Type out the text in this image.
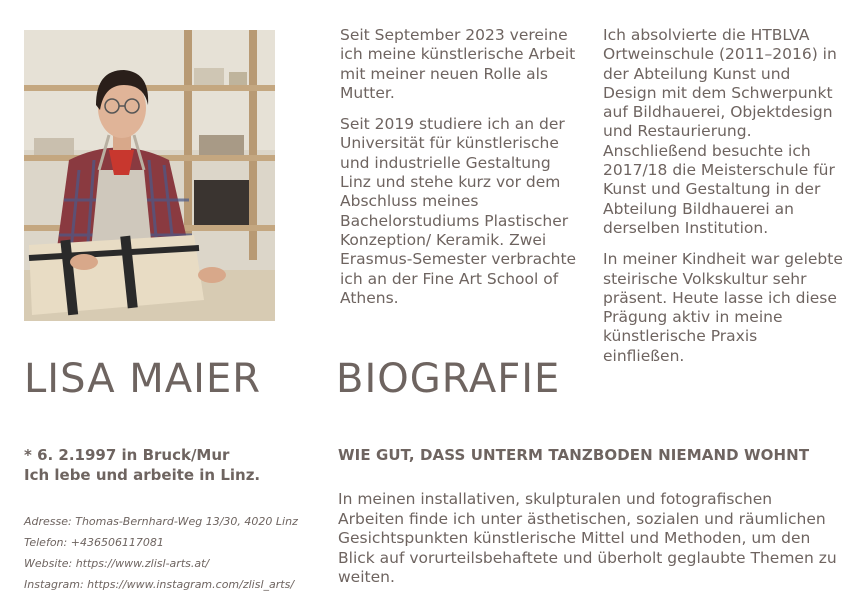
Seit September 2023 vereine ich meine künstlerische Arbeit mit meiner neuen Rolle als Mutter.

Seit 2019 studiere ich an der Universität für künstlerische und industrielle Gestaltung Linz und stehe kurz vor dem Abschluss meines Bachelorstudiums Plastischer Konzeption/ Keramik. Zwei Erasmus-Semester verbrachte ich an der Fine Art School of Athens.

Ich absolvierte die HTBLVA Ortweinschule (2011–2016) in der Abteilung Kunst und Design mit dem Schwerpunkt auf Bildhauerei, Objektdesign und Restaurierung. Anschließend besuchte ich 2017/18 die Meisterschule für Kunst und Gestaltung in der Abteilung Bildhauerei an derselben Institution.

In meiner Kindheit war gelebte steirische Volkskultur sehr präsent. Heute lasse ich diese Prägung aktiv in meine künstlerische Praxis einfließen.

LISA MAIER BIOGRAFIE
* 6. 2.1997 in Bruck/Mur
Ich lebe und arbeite in Linz.
Adresse: Thomas-Bernhard-Weg 13/30, 4020 Linz
Telefon: +436506117081
Website: https://www.zlisl-arts.at/
Instagram: https://www.instagram.com/zlisl_arts/
WIE GUT, DASS UNTERM TANZBODEN NIEMAND WOHNT

In meinen installativen, skulpturalen und fotografischen Arbeiten finde ich unter ästhetischen, sozialen und räumlichen Gesichtspunkten künstlerische Mittel und Methoden, um den Blick auf vorurteilsbehaftete und überholt geglaubte Themen zu weiten.
